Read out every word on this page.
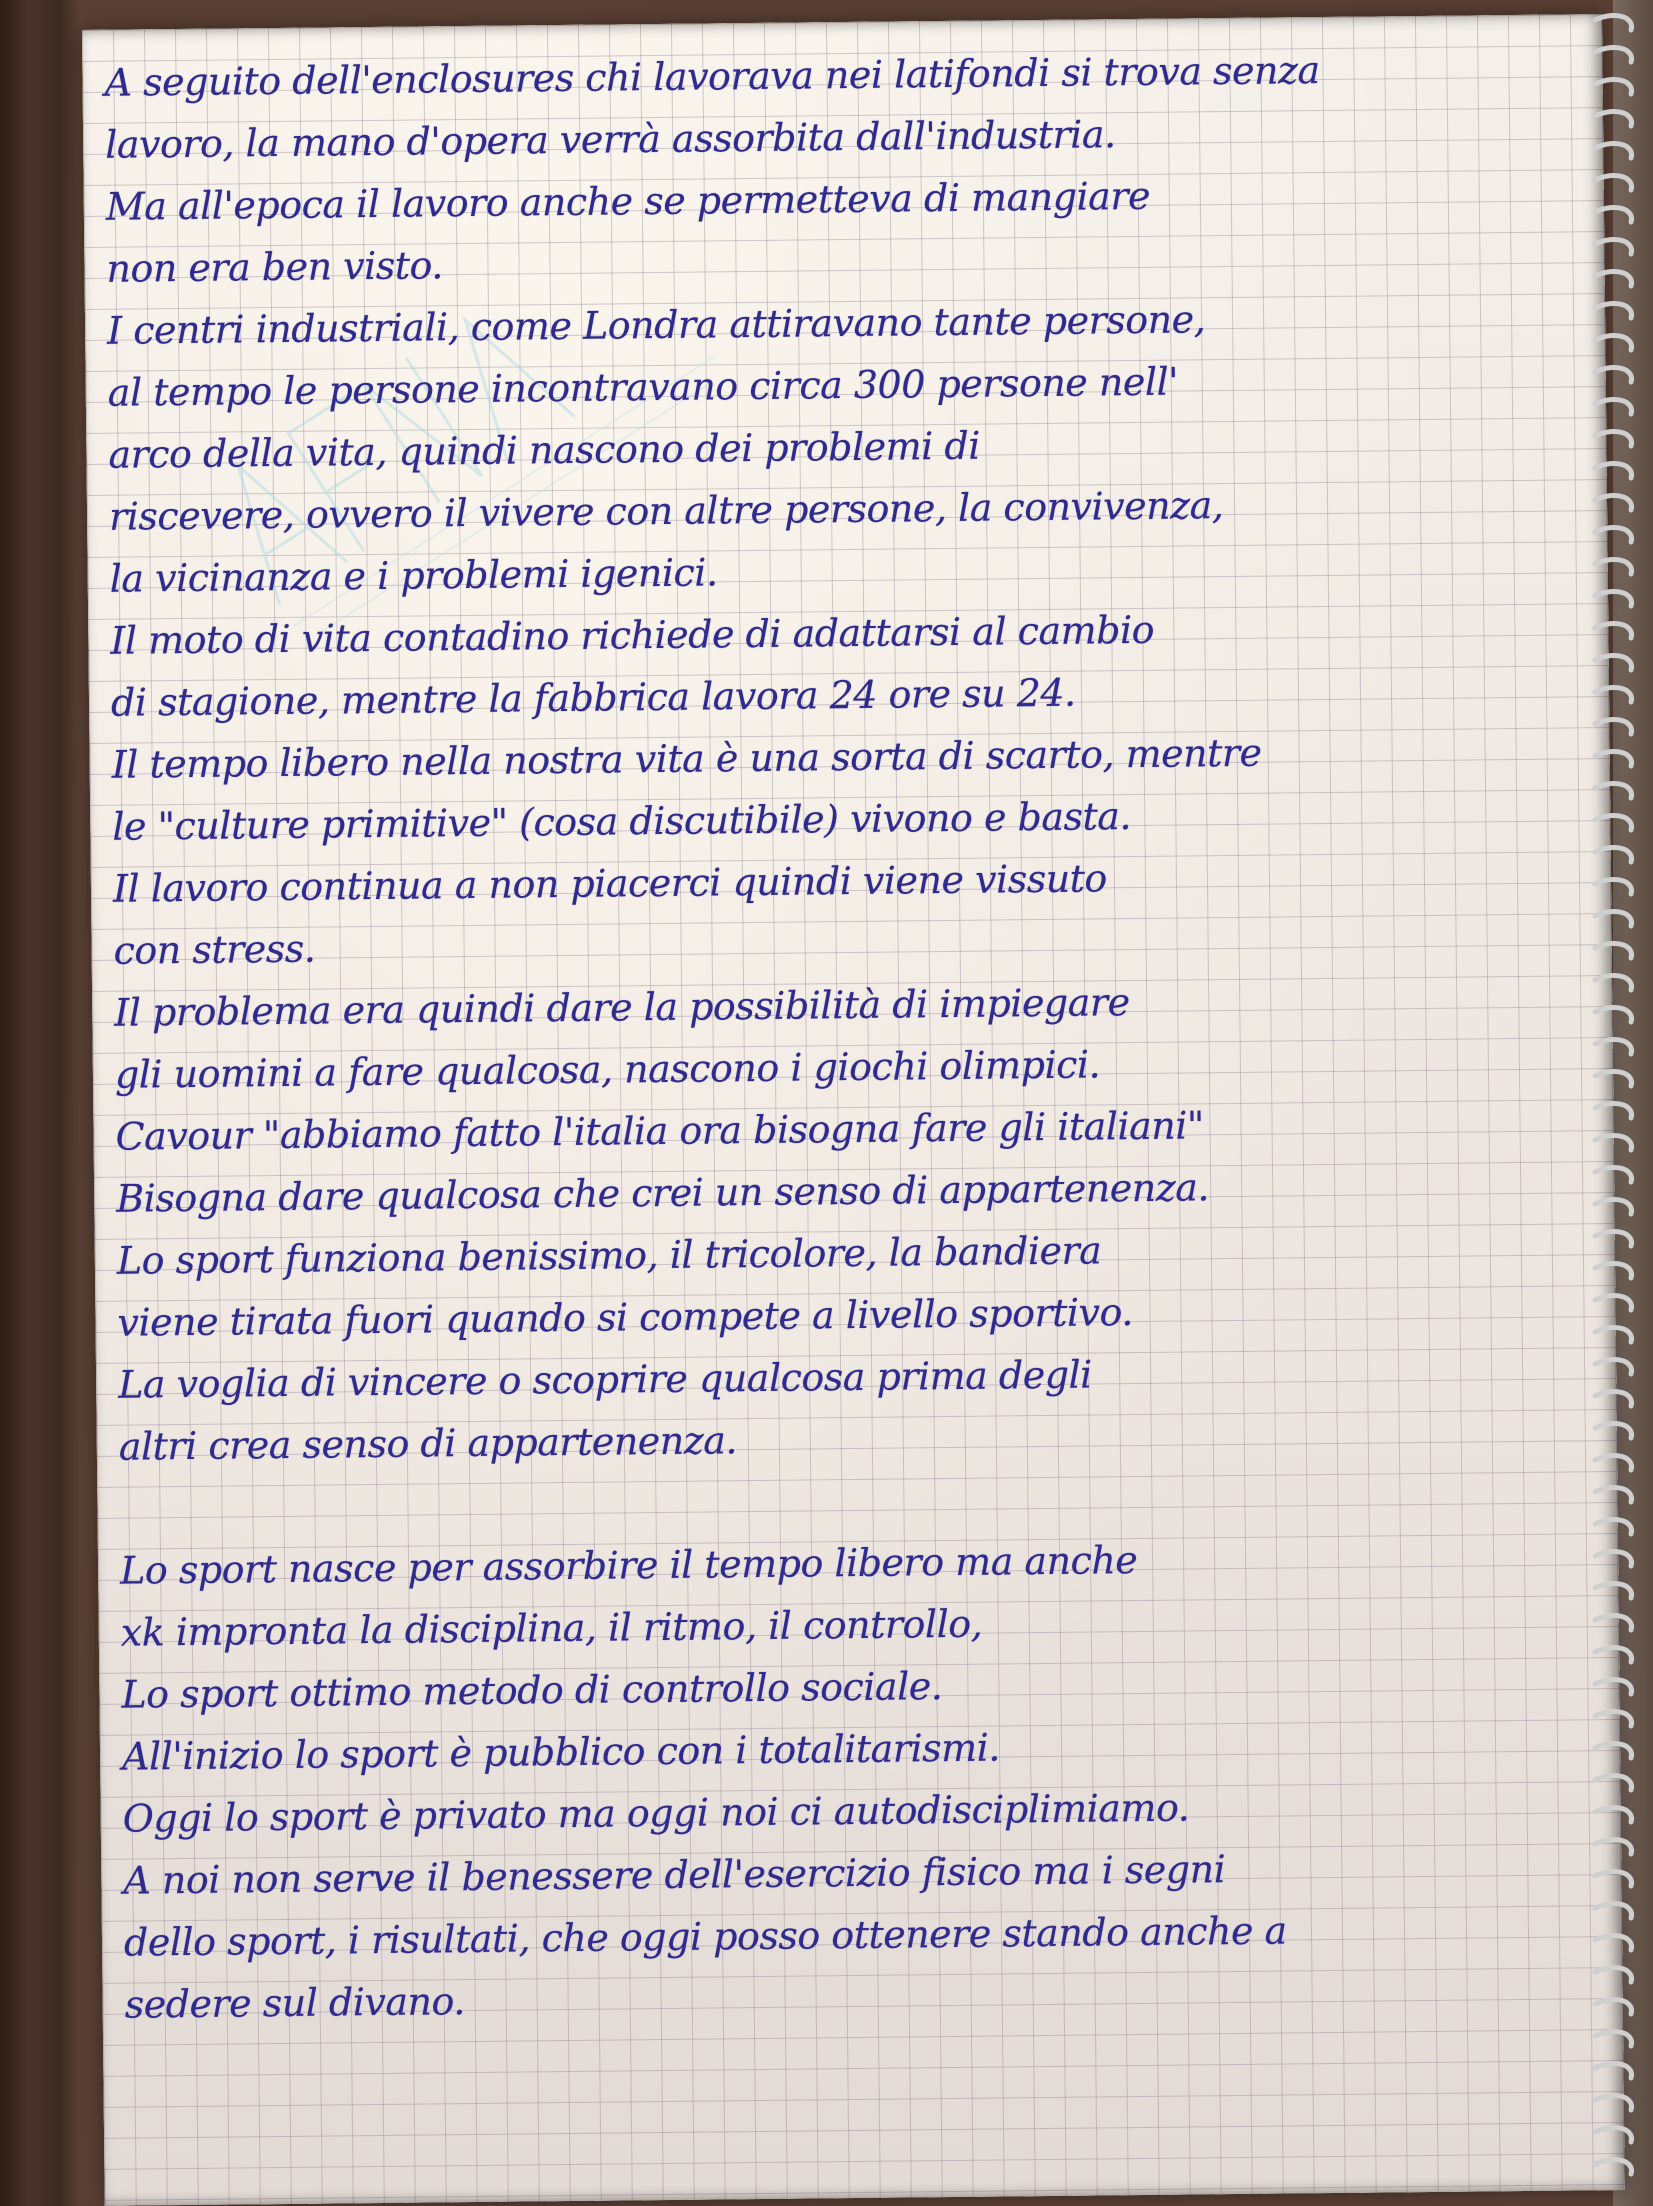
A seguito dell'enclosures chi lavorava nei latifondi si trova senza
lavoro, la mano d'opera verrà assorbita dall'industria.
Ma all'epoca il lavoro anche se permetteva di mangiare
non era ben visto.
I centri industriali, come Londra attiravano tante persone,
al tempo le persone incontravano circa 300 persone nell'
arco della vita, quindi nascono dei problemi di
riscevere, ovvero il vivere con altre persone, la convivenza,
la vicinanza e i problemi igenici.
Il moto di vita contadino richiede di adattarsi al cambio
di stagione, mentre la fabbrica lavora 24 ore su 24.
Il tempo libero nella nostra vita è una sorta di scarto, mentre
le "culture primitive" (cosa discutibile) vivono e basta.
Il lavoro continua a non piacerci quindi viene vissuto
con stress.
Il problema era quindi dare la possibilità di impiegare
gli uomini a fare qualcosa, nascono i giochi olimpici.
Cavour "abbiamo fatto l'italia ora bisogna fare gli italiani"
Bisogna dare qualcosa che crei un senso di appartenenza.
Lo sport funziona benissimo, il tricolore, la bandiera
viene tirata fuori quando si compete a livello sportivo.
La voglia di vincere o scoprire qualcosa prima degli
altri crea senso di appartenenza.
Lo sport nasce per assorbire il tempo libero ma anche
xk impronta la disciplina, il ritmo, il controllo,
Lo sport ottimo metodo di controllo sociale.
All'inizio lo sport è pubblico con i totalitarismi.
Oggi lo sport è privato ma oggi noi ci autodisciplimiamo.
A noi non serve il benessere dell'esercizio fisico ma i segni
dello sport, i risultati, che oggi posso ottenere stando anche a
sedere sul divano.
